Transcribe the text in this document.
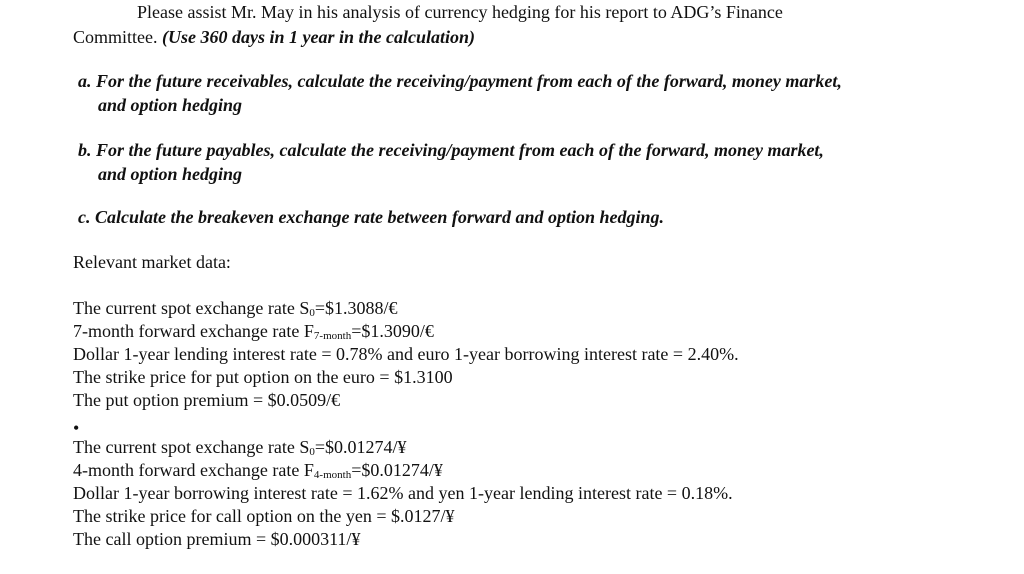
Please assist Mr. May in his analysis of currency hedging for his report to ADG’s Finance
Committee. (Use 360 days in 1 year in the calculation)
a. For the future receivables, calculate the receiving/payment from each of the forward, money market,
and option hedging
b. For the future payables, calculate the receiving/payment from each of the forward, money market,
and option hedging
c. Calculate the breakeven exchange rate between forward and option hedging.
Relevant market data:
The current spot exchange rate $S_0=\$1.3088/€$
7-month forward exchange rate $F_{7-month}=\$1.3090/€$
Dollar 1-year lending interest rate = 0.78% and euro 1-year borrowing interest rate = 2.40%.
The strike price for put option on the euro = $1.3100
The put option premium = $0.0509/€
•
The current spot exchange rate $S_0=\$0.01274/¥$
4-month forward exchange rate $F_{4-month}=\$0.01274/¥$
Dollar 1-year borrowing interest rate = 1.62% and yen 1-year lending interest rate = 0.18%.
The strike price for call option on the yen = $.0127/¥
The call option premium = $0.000311/¥
